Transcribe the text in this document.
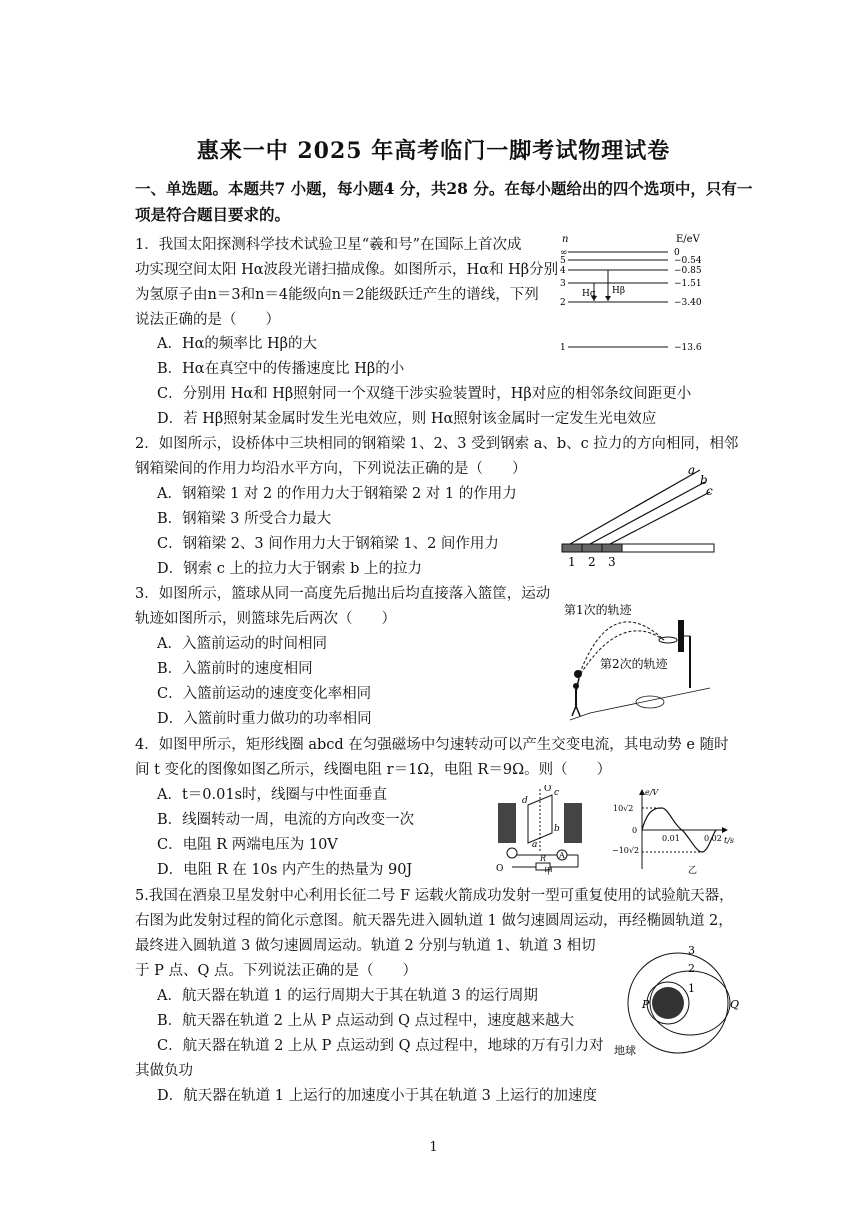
惠来一中 2025 年高考临门一脚考试物理试卷
一、单选题。本题共7 小题，每小题4 分，共28 分。在每小题给出的四个选项中，只有一项是符合题目要求的。
1．我国太阳探测科学技术试验卫星“羲和号”在国际上首次成
功实现空间太阳 Hα波段光谱扫描成像。如图所示，Hα和 Hβ分别
为氢原子由n＝3和n＝4能级向n＝2能级跃迁产生的谱线，下列
说法正确的是（　　）
A．Hα的频率比 Hβ的大
B．Hα在真空中的传播速度比 Hβ的小
C．分别用 Hα和 Hβ照射同一个双缝干涉实验装置时，Hβ对应的相邻条纹间距更小
D．若 Hβ照射某金属时发生光电效应，则 Hα照射该金属时一定发生光电效应
n	E/eV
∞	0
5	−0.54
4	−0.85
3	−1.51
2	−3.40
1	−13.6
Hα Hβ
2．如图所示，设桥体中三块相同的钢箱梁 1、2、3 受到钢索 a、b、c 拉力的方向相同，相邻
钢箱梁间的作用力均沿水平方向，下列说法正确的是（　　）
A．钢箱梁 1 对 2 的作用力大于钢箱梁 2 对 1 的作用力
B．钢箱梁 3 所受合力最大
C．钢箱梁 2、3 间作用力大于钢箱梁 1、2 间作用力
D．钢索 c 上的拉力大于钢索 b 上的拉力
a
b
c
1 2 3
3．如图所示，篮球从同一高度先后抛出后均直接落入篮筐，运动
轨迹如图所示，则篮球先后两次（　　）
A．入篮前运动的时间相同
B．入篮前时的速度相同
C．入篮前运动的速度变化率相同
D．入篮前时重力做功的功率相同
第1次的轨迹
第2次的轨迹
4．如图甲所示，矩形线圈 abcd 在匀强磁场中匀速转动可以产生交变电流，其电动势 e 随时
间 t 变化的图像如图乙所示，线圈电阻 r＝1Ω，电阻 R＝9Ω。则（　　）
A．t＝0.01s时，线圈与中性面垂直
B．线圈转动一周，电流的方向改变一次
C．电阻 R 两端电压为 10V
D．电阻 R 在 10s 内产生的热量为 90J
d
c
b
a
O′
O
A
R
甲
e/V
t/s
10√2
0
−10√2
0.01	0.02
乙
5.我国在酒泉卫星发射中心利用长征二号 F 运载火箭成功发射一型可重复使用的试验航天器，
右图为此发射过程的简化示意图。航天器先进入圆轨道 1 做匀速圆周运动，再经椭圆轨道 2，
最终进入圆轨道 3 做匀速圆周运动。轨道 2 分别与轨道 1、轨道 3 相切
于 P 点、Q 点。下列说法正确的是（　　）
A．航天器在轨道 1 的运行周期大于其在轨道 3 的运行周期
B．航天器在轨道 2 上从 P 点运动到 Q 点过程中，速度越来越大
C．航天器在轨道 2 上从 P 点运动到 Q 点过程中，地球的万有引力对
其做负功
D．航天器在轨道 1 上运行的加速度小于其在轨道 3 上运行的加速度
3
2
1
P	Q
地球
1
